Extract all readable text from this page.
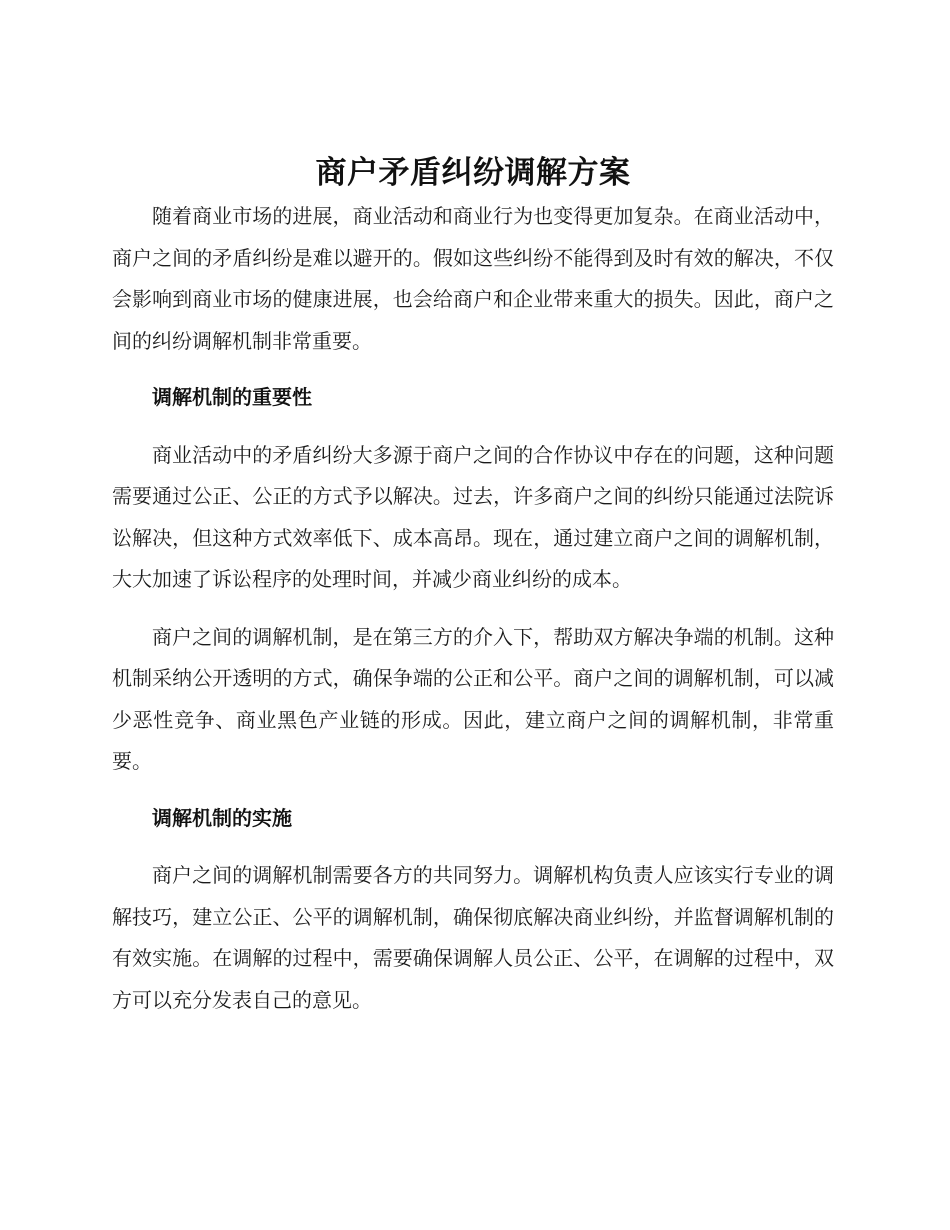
商户矛盾纠纷调解方案

随着商业市场的进展，商业活动和商业行为也变得更加复杂。在商业活动中，商户之间的矛盾纠纷是难以避开的。假如这些纠纷不能得到及时有效的解决，不仅会影响到商业市场的健康进展，也会给商户和企业带来重大的损失。因此，商户之间的纠纷调解机制非常重要。

调解机制的重要性

商业活动中的矛盾纠纷大多源于商户之间的合作协议中存在的问题，这种问题需要通过公正、公正的方式予以解决。过去，许多商户之间的纠纷只能通过法院诉讼解决，但这种方式效率低下、成本高昂。现在，通过建立商户之间的调解机制，大大加速了诉讼程序的处理时间，并减少商业纠纷的成本。

商户之间的调解机制，是在第三方的介入下，帮助双方解决争端的机制。这种机制采纳公开透明的方式，确保争端的公正和公平。商户之间的调解机制，可以减少恶性竞争、商业黑色产业链的形成。因此，建立商户之间的调解机制，非常重要。

调解机制的实施

商户之间的调解机制需要各方的共同努力。调解机构负责人应该实行专业的调解技巧，建立公正、公平的调解机制，确保彻底解决商业纠纷，并监督调解机制的有效实施。在调解的过程中，需要确保调解人员公正、公平，在调解的过程中，双方可以充分发表自己的意见。
